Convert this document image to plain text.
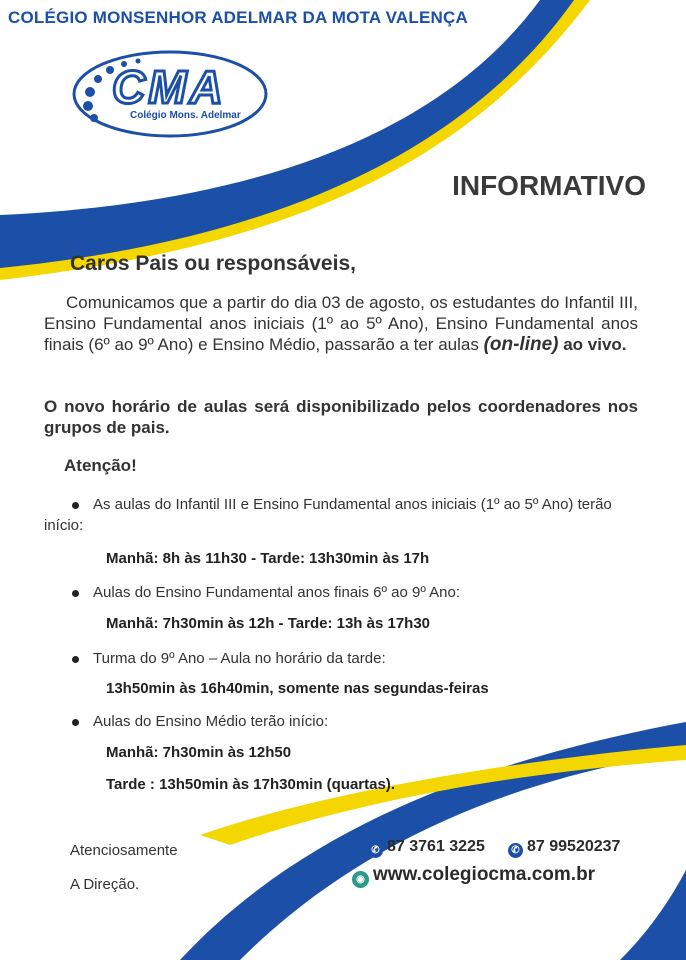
COLÉGIO MONSENHOR ADELMAR DA MOTA VALENÇA
CMA
Colégio Mons. Adelmar
INFORMATIVO
Caros Pais ou responsáveis,
Comunicamos que a partir do dia 03 de agosto, os estudantes do Infantil III, Ensino Fundamental anos iniciais (1º ao 5º Ano), Ensino Fundamental anos finais (6º ao 9º Ano) e Ensino Médio, passarão a ter aulas (on-line) ao vivo.
O novo horário de aulas será disponibilizado pelos coordenadores nos grupos de pais.
Atenção!
As aulas do Infantil III e Ensino Fundamental anos iniciais (1º ao 5º Ano) terão início:
Manhã: 8h às 11h30 - Tarde: 13h30min às 17h
Aulas do Ensino Fundamental anos finais 6º ao 9º Ano:
Manhã: 7h30min às 12h - Tarde: 13h às 17h30
Turma do 9º Ano – Aula no horário da tarde:
13h50min às 16h40min, somente nas segundas-feiras
Aulas do Ensino Médio terão início:
Manhã: 7h30min às 12h50
Tarde : 13h50min às 17h30min (quartas).
Atenciosamente
A Direção.
✆ 87 3761 3225	✆ 87 99520237
◉ www.colegiocma.com.br
